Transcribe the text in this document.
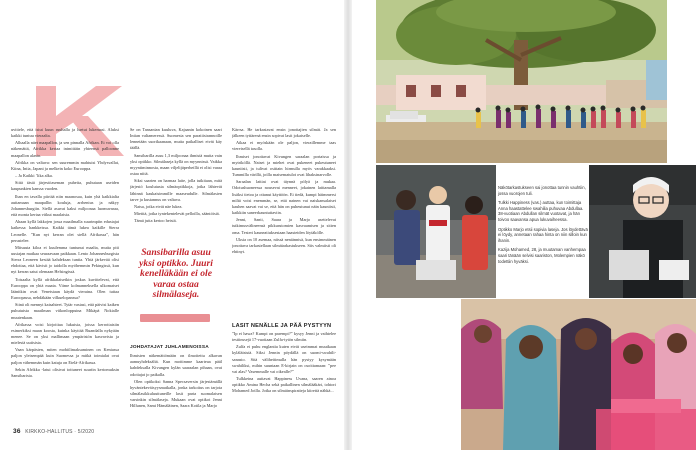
uvittele, että istut kuun ruuhalla ja luetut lukemasi. Aluksi kaikki tuntuu vieraalta.

Alhaalla näet maapallon, ja sen pinnalla Afrikan. Et voi olla näkemättä, Afrikka kertaa inimittäin yhteensä palloonne maapallon alasta.

Afrikka on valtava: sen suuremmin mahtuisi Yhdysvallat, Kiina, Intia, Japani ja melkein koko Eurooppa.

– Ja Kaikki ’lika alka.

Siitä tästä järjestöaseman puheita, puhutaan useiden kaupunkien kanssa vuoden.

Ihan en tavalla piirtää niin maanosaa, kuin yhä kaikkialta auttamaan maapallin kouluja, arrhenius ja näkyy Johannesburgiin. Siellä asuvat kaksi miljoonaa luomuvaraa, että monta kertaa vitkut maalaisia.

Ahaan kyllä lakkojen jossa maailmalla suurimpiin edustajat kaikessa hankkeissa. Kaikki tämä lukea kaikille Sierra Leonelle. ”Kun nyt kerran olet siellä Afrikassa”, hän perustelee.

Mitsuuta kiloa ei kuulemma tuntunut maalta, mutta piti uusiajan matkaa seuraavaan paikkaan. Lento Johannesburgista Sierra Leoneen kestää kahdeksan tuntia. Yhtä järkevää olisi ehdottaa, että kävisit jo taidolla myöhemmin Pekingissä, kun nyt kerran satut olemaan Helsingissä.

Toisaalta kyllä afrikkalaisetkin joskus kuvittelevat, että Eurooppa on yhtä maata. Viime kolmanneksella ulkomaiset läänitkin ovat Venetsiaan käydä vieraina. Olen tuttaa Euroopassa, nehdäkään vilkuelopanssa?

Siinä oli mennyt kaisahteet. Tytär vastasi, että päivisi kaiken puhutuista maailman viikonloppuina Mikäpä Nokialle muutenkaan.

Afrikassa voisi kirjoittaa lukuisia, joissa kerrottaisiin esimerkiksi maan koosta, kuinka käyttää Ruandalla nykyään menee. Se on yksi mallimaan ympäristön kasvavista ja mielestä uutisista.

Vaan kärpästen, miten mobiilimaksaminen on Keniassa paljon yleisempää kuin Suomessa ja mitkä toimialat ovat paljon vähemmän kuin katuja on Etelä-Afrikassa.

Sekin Afrikka -latui olisivat tottuneet suuriin kertomuksin Sansibarista.

Se on Tansanian kuuluva, Kajaanin kokoinen saari Intian valtameressä. Suomesta sen paratiisirannoille lennetään suorikaanaan, mutta paikalliset eivät käy täällä.

Sansibarilla asuu 1,3 miljoonaa ihmistä mutta vain yksi optikko. Silmälaseja kyllä on myynnissä. Vaikka myyntiminnosta, maan viljelijäperheillä ei olisi varaa ostaa niitä.

Siksi saarten on harmaa laite, jolla tutkitaan, mitä järjestö koulutusta silmäoptikkoja, jotka lähtevät lähinnä kaukaisimmille maaseudulle. Silmälasien tarve ja kustannus on valtava.

Natsa, jotka eivät näe lukea.

Mietitä, jotka tyntekentelevät pelloilla, sääntöisiä.

Tämä jutta kertoo heistä.

Sansibarilla asuu yksi optikko. Juuri kenelläkään ei ole varaa ostaa silmälaseja.
JOHDATAJAT JUHLAMENOISSA

Ihmisten näkemättömään on ilmoitettu alkavan aamuyhdeksältä. Kun mottimme kaarteaa pääl kahdeksalla Kivungen kylän saaraalan pihaan, ovat odottajat jo paikalla.

Olen optikoksi Sanna Specsaversin järjestämällä hyväntekeväisyysmatkalla, jonka tarkoitus on tarjota silmälasikkuluuttuneille lasit parta suomalaisen varsinkin silmälaseja. Mukaan ovat optikot Jenni Hillunen, Sami Hämäläinen, Saara Kotila ja Marjo

Kärrsa. He tarkastavat ensin jonottajien silmät. Ja sen jälkeen tyttärenä ensin sopivat lasit jokaiselle.

Aikaa ei myöskään ole paljon, vieraillemme taas viereisellä tasolla.

Ihmiset jonottavat Kivungen saraalan portaissa ja mytriköllä. Naiset ja miehet ovat pukeneet pukeutuneet kauniisti, ja tulivat osittain hirmulla myös varakkaaksi. Tummilla värillä, joilla maisematulot ovat lihaksinarvolle.

Saraalan lattiat ovat täynnä pölyä ja mukaa. Odotushuoneessa nousevat menneet, jokainen laittamalla lisäksi tietoa ja ottanut käyttöön. Ei tiedä, kumpi häimmersi miltä voisi enemmän, se, että nainen vai naiskansalaiset kauhen saavat vai se, että hän on puheutunut näin kauniisti, kaikkiin saneerkauntuttaviin.

Jenni, Santi, Saara ja Marjo asettelevat tutkimusvälineensä pikkurutomien kasvaamisen ja sitten oma. Testeri kauneatiuksestaan haasteiden löytäkölle.

Uksia on 10 asemaa, niissä neniännisä, kun ensimmäinen jonottava tarkastellaan silmätarkastukseen. Siis valmiisti oli ehtinyt.

LASIT NENÄLLE JA PÄÄ PYSTYYN

”Ip ei hawa? Kumpi on parempi?” kysyy Jenni ja vaihtelee testiinssejä 17-vuotiaan Zulfa-tytön silmiin.

Zulfa ei puhu englantia kuten eivät useimmat muutkaan kyläläisistä. Siksi Jennin pöydällä on suomi-swahili-sanasto. Sitä väliheitimulla hän pystyy kysymään swahiliksi, mihin suuntaan E-kirjain on osoittamaan: ”pee vai alas? Vasemmalle vai oikealle?”

Tulkkeina auttavat Happiness Uvana, saaren ainoa optikko Amina Hecha sekä paikallinen silmälääkäri, tohtori Mohamed Jotlla. Jotka on silmäinspiratteja kiirettä nähkä...

36 KIRKKO-HALLITUS · 5/2020

Näkötarkastukseen sai jonottaa tunnin vauhtiin, jossa vuorojen tuli.

Tulkki Happiness (vas.) auttaa, kun toimittaja Anna haastattelee swahilia puhuvaa Abdullaa. 38-vuotiaan Abdullan silmät vuotavat, ja hän toivoo saavansa apua lukuvaiheessa.

Optikko Marjo etsii sopivia laseja. Jos löydettävä ei löydy, annetaan rahaa hinta on niin silloin kun ihanin.

Kazija Mohamed, 28, ja muutaman vanhempaa saari tänään selvisi saariston, Molempien näkö todettiin hyväksi.
